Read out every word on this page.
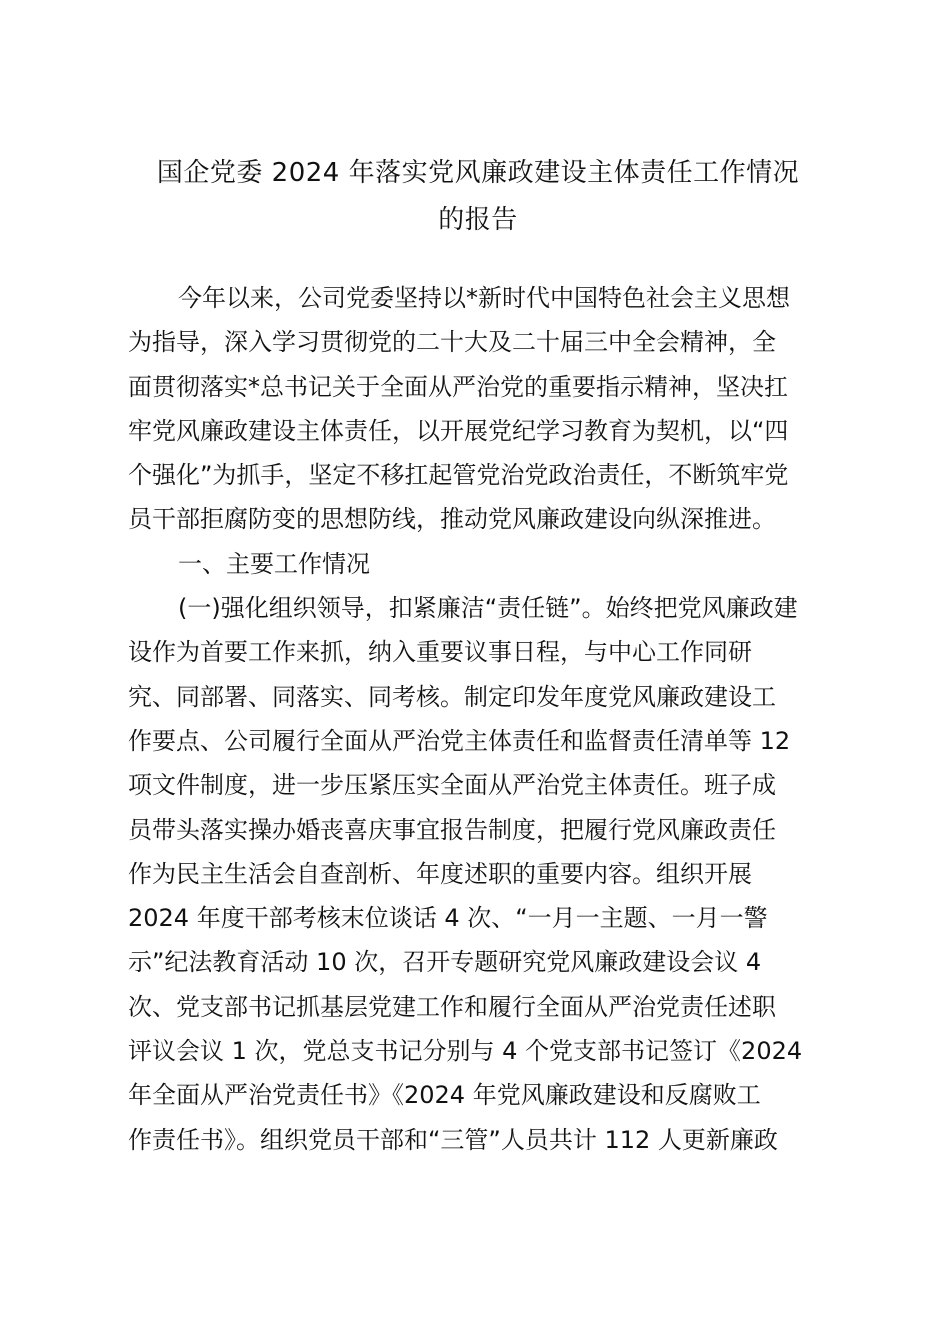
国企党委 2024 年落实党风廉政建设主体责任工作情况
的报告
今年以来，公司党委坚持以*新时代中国特色社会主义思想
为指导，深入学习贯彻党的二十大及二十届三中全会精神，全
面贯彻落实*总书记关于全面从严治党的重要指示精神，坚决扛
牢党风廉政建设主体责任，以开展党纪学习教育为契机，以“四
个强化”为抓手，坚定不移扛起管党治党政治责任，不断筑牢党
员干部拒腐防变的思想防线，推动党风廉政建设向纵深推进。
一、主要工作情况
(一)强化组织领导，扣紧廉洁“责任链”。始终把党风廉政建
设作为首要工作来抓，纳入重要议事日程，与中心工作同研
究、同部署、同落实、同考核。制定印发年度党风廉政建设工
作要点、公司履行全面从严治党主体责任和监督责任清单等 12
项文件制度，进一步压紧压实全面从严治党主体责任。班子成
员带头落实操办婚丧喜庆事宜报告制度，把履行党风廉政责任
作为民主生活会自查剖析、年度述职的重要内容。组织开展
2024 年度干部考核末位谈话 4 次、“一月一主题、一月一警
示”纪法教育活动 10 次，召开专题研究党风廉政建设会议 4
次、党支部书记抓基层党建工作和履行全面从严治党责任述职
评议会议 1 次，党总支书记分别与 4 个党支部书记签订《2024
年全面从严治党责任书》《2024 年党风廉政建设和反腐败工
作责任书》。组织党员干部和“三管”人员共计 112 人更新廉政
